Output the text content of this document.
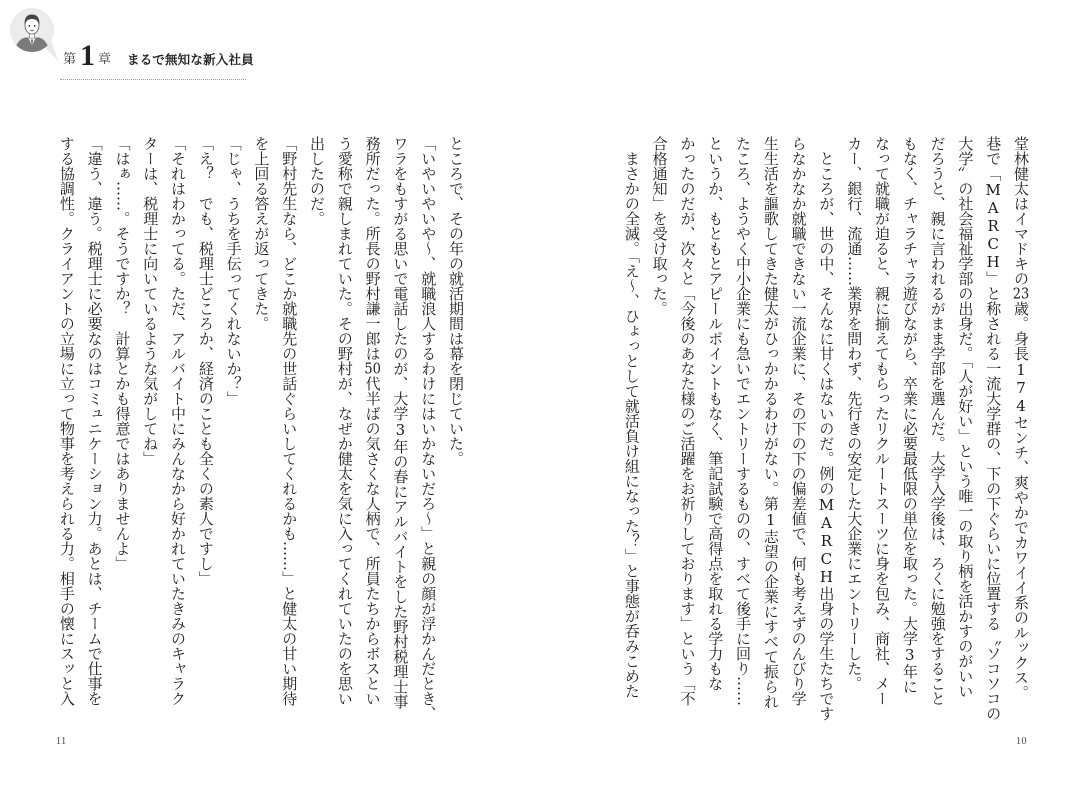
第 1 章 まるで無知な新入社員
堂林健太はイマドキの23歳。身長174センチ、爽やかでカワイイ系のルックス。
巷で「MARCH」と称される一流大学群の、下の下ぐらいに位置する〝ソコソコの
大学〟の社会福祉学部の出身だ。「人が好い」という唯一の取り柄を活かすのがいい
だろうと、親に言われるがまま学部を選んだ。大学入学後は、ろくに勉強をすること
もなく、チャラチャラ遊びながら、卒業に必要最低限の単位を取った。大学3年に
なって就職が迫ると、親に揃えてもらったリクルートスーツに身を包み、商社、メー
カー、銀行、流通……業界を問わず、先行きの安定した大企業にエントリーした。
　ところが、世の中、そんなに甘くはないのだ。例のMARCH出身の学生たちです
らなかなか就職できない一流企業に、その下の下の偏差値で、何も考えずのんびり学
生生活を謳歌してきた健太がひっかかるわけがない。第1志望の企業にすべて振られ
たころ、ようやく中小企業にも急いでエントリーするものの、すべて後手に回り……
というか、もともとアピールポイントもなく、筆記試験で高得点を取れる学力もな
かったのだが、次々と「今後のあなた様のご活躍をお祈りしております」という「不
合格通知」を受け取った。
　まさかの全滅。「え～、ひょっとして就活負け組になった？」と事態が呑みこめた
ところで、その年の就活期間は幕を閉じていた。
「いやいやいや～、就職浪人するわけにはいかないだろ～」と親の顔が浮かんだとき、
ワラをもすがる思いで電話したのが、大学3年の春にアルバイトをした野村税理士事
務所だった。所長の野村謙一郎は50代半ばの気さくな人柄で、所員たちからボスとい
う愛称で親しまれていた。その野村が、なぜか健太を気に入ってくれていたのを思い
出したのだ。
「野村先生なら、どこか就職先の世話ぐらいしてくれるかも……」と健太の甘い期待
を上回る答えが返ってきた。
「じゃ、うちを手伝ってくれないか？」
「え？　でも、税理士どころか、経済のことも全くの素人ですし」
「それはわかってる。ただ、アルバイト中にみんなから好かれていたきみのキャラク
ターは、税理士に向いているような気がしてね」
「はぁ……。そうですか？　計算とかも得意ではありませんよ」
「違う、違う。税理士に必要なのはコミュニケーション力。あとは、チームで仕事を
する協調性。クライアントの立場に立って物事を考えられる力。相手の懐にスッと入
11	10
